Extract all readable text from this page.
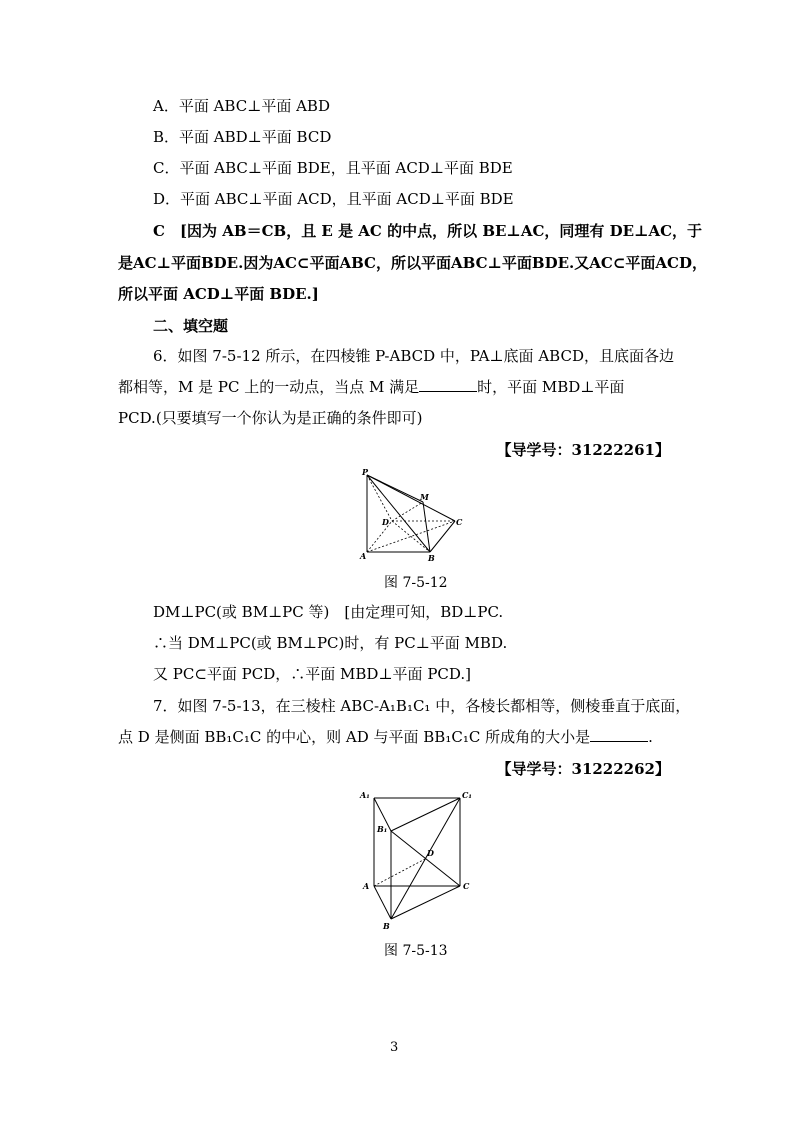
A．平面 ABC⊥平面 ABD
B．平面 ABD⊥平面 BCD
C．平面 ABC⊥平面 BDE，且平面 ACD⊥平面 BDE
D．平面 ABC⊥平面 ACD，且平面 ACD⊥平面 BDE
C　[因为 AB＝CB，且 E 是 AC 的中点，所以 BE⊥AC，同理有 DE⊥AC，于
是AC⊥平面BDE.因为AC⊂平面ABC，所以平面ABC⊥平面BDE.又AC⊂平面ACD，
所以平面 ACD⊥平面 BDE.]
二、填空题
6．如图 7-5-12 所示，在四棱锥 P-ABCD 中，PA⊥底面 ABCD，且底面各边
都相等，M 是 PC 上的一动点，当点 M 满足	时，平面 MBD⊥平面
PCD.(只要填写一个你认为是正确的条件即可)
【导学号：31222261】
P
M
D	C
A	B
图 7-5-12
DM⊥PC(或 BM⊥PC 等)　[由定理可知，BD⊥PC.
∴当 DM⊥PC(或 BM⊥PC)时，有 PC⊥平面 MBD.
又 PC⊂平面 PCD，∴平面 MBD⊥平面 PCD.]
7．如图 7-5-13，在三棱柱 ABC-A₁B₁C₁ 中，各棱长都相等，侧棱垂直于底面，
点 D 是侧面 BB₁C₁C 的中心，则 AD 与平面 BB₁C₁C 所成角的大小是	.
【导学号：31222262】
A₁	C₁
B₁
D
A	C
B
图 7-5-13
3
